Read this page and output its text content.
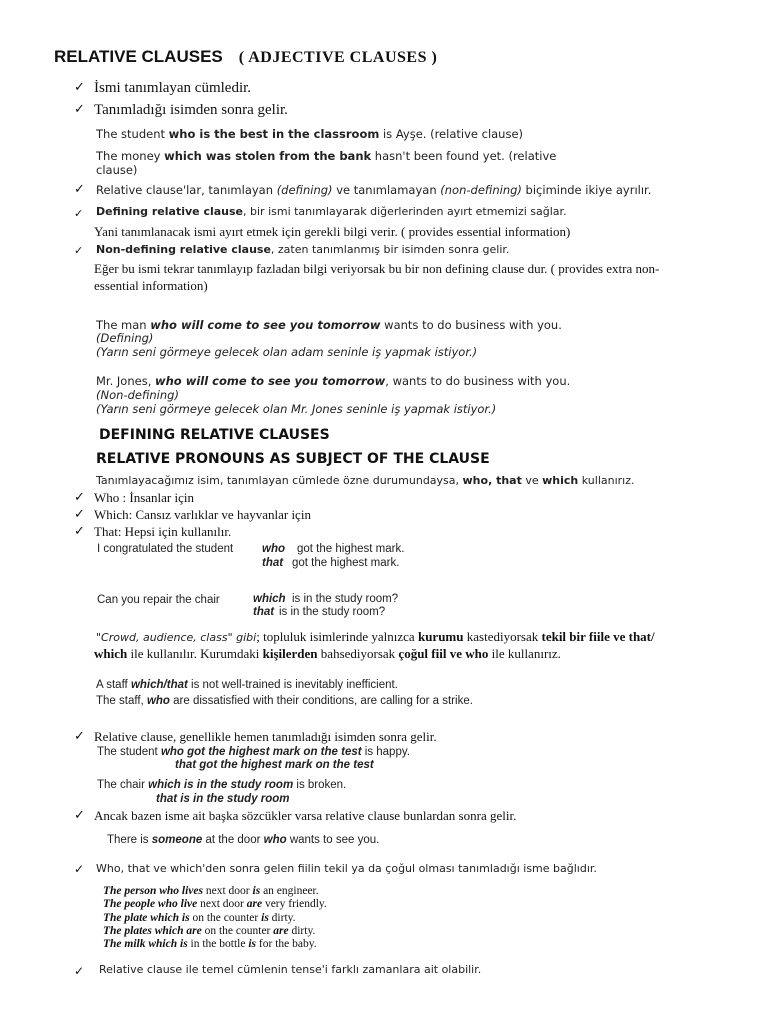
RELATIVE CLAUSES ( ADJECTIVE CLAUSES )
✓ İsmi tanımlayan cümledir.
✓ Tanımladığı isimden sonra gelir.
The student who is the best in the classroom is Ayşe. (relative clause)
The money which was stolen from the bank hasn't been found yet. (relative
clause)
✓ Relative clause'lar, tanımlayan (defining) ve tanımlamayan (non-defining) biçiminde ikiye ayrılır.
✓ Defining relative clause, bir ismi tanımlayarak diğerlerinden ayırt etmemizi sağlar.
Yani tanımlanacak ismi ayırt etmek için gerekli bilgi verir. ( provides essential information)
✓ Non-defining relative clause, zaten tanımlanmış bir isimden sonra gelir.
Eğer bu ismi tekrar tanımlayıp fazladan bilgi veriyorsak bu bir non defining clause dur. ( provides extra non-
essential information)
The man who will come to see you tomorrow wants to do business with you.
(Defining)
(Yarın seni görmeye gelecek olan adam seninle iş yapmak istiyor.)
Mr. Jones, who will come to see you tomorrow, wants to do business with you.
(Non-defining)
(Yarın seni görmeye gelecek olan Mr. Jones seninle iş yapmak istiyor.)
DEFINING RELATIVE CLAUSES
RELATIVE PRONOUNS AS SUBJECT OF THE CLAUSE
Tanımlayacağımız isim, tanımlayan cümlede özne durumundaysa, who, that ve which kullanırız.
✓ Who : İnsanlar için
✓ Which: Cansız varlıklar ve hayvanlar için
✓ That: Hepsi için kullanılır.
I congratulated the student	who got the highest mark.
that got the highest mark.
Can you repair the chair	which is in the study room?
that is in the study room?
"Crowd, audience, class" gibi; topluluk isimlerinde yalnızca kurumu kastediyorsak tekil bir fiile ve that/
which ile kullanılır. Kurumdaki kişilerden bahsediyorsak çoğul fiil ve who ile kullanırız.
A staff which/that is not well-trained is inevitably inefficient.
The staff, who are dissatisfied with their conditions, are calling for a strike.
✓ Relative clause, genellikle hemen tanımladığı isimden sonra gelir.
The student who got the highest mark on the test is happy.
that got the highest mark on the test
The chair which is in the study room is broken.
that is in the study room
✓ Ancak bazen isme ait başka sözcükler varsa relative clause bunlardan sonra gelir.
There is someone at the door who wants to see you.
✓ Who, that ve which'den sonra gelen fiilin tekil ya da çoğul olması tanımladığı isme bağlıdır.
The person who lives next door is an engineer.
The people who live next door are very friendly.
The plate which is on the counter is dirty.
The plates which are on the counter are dirty.
The milk which is in the bottle is for the baby.
✓ Relative clause ile temel cümlenin tense'i farklı zamanlara ait olabilir.
